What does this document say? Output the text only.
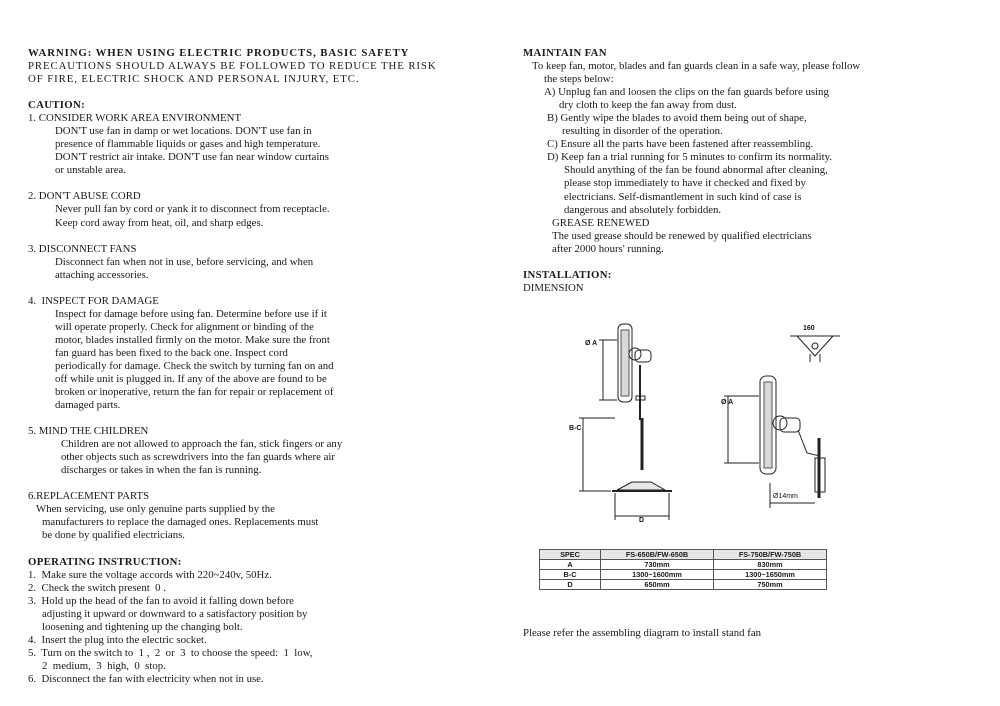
WARNING: WHEN USING ELECTRIC PRODUCTS, BASIC SAFETY
PRECAUTIONS SHOULD ALWAYS BE FOLLOWED TO REDUCE THE RISK
OF FIRE, ELECTRIC SHOCK AND PERSONAL INJURY, ETC.
CAUTION:
1. CONSIDER WORK AREA ENVIRONMENT
DON'T use fan in damp or wet locations. DON'T use fan in
presence of flammable liquids or gases and high temperature.
DON'T restrict air intake. DON'T use fan near window curtains
or unstable area.
2. DON'T ABUSE CORD
Never pull fan by cord or yank it to disconnect from receptacle.
Keep cord away from heat, oil, and sharp edges.
3. DISCONNECT FANS
Disconnect fan when not in use, before servicing, and when
attaching accessories.
4.  INSPECT FOR DAMAGE
Inspect for damage before using fan. Determine before use if it
will operate properly. Check for alignment or binding of the
motor, blades installed firmly on the motor. Make sure the front
fan guard has been fixed to the back one. Inspect cord
periodically for damage. Check the switch by turning fan on and
off while unit is plugged in. If any of the above are found to be
broken or inoperative, return the fan for repair or replacement of
damaged parts.
5. MIND THE CHILDREN
Children are not allowed to approach the fan, stick fingers or any
other objects such as screwdrivers into the fan guards where air
discharges or takes in when the fan is running.
6.REPLACEMENT PARTS
When servicing, use only genuine parts supplied by the
manufacturers to replace the damaged ones. Replacements must
be done by qualified electricians.
OPERATING INSTRUCTION:
1.  Make sure the voltage accords with 220~240v, 50Hz.
2.  Check the switch present  0 .
3.  Hold up the head of the fan to avoid it falling down before
adjusting it upward or downward to a satisfactory position by
loosening and tightening up the changing bolt.
4.  Insert the plug into the electric socket.
5.  Turn on the switch to  1 ,  2  or  3  to choose the speed:  1  low,
2  medium,  3  high,  0  stop.
6.  Disconnect the fan with electricity when not in use.
MAINTAIN FAN
To keep fan, motor, blades and fan guards clean in a safe way, please follow
the steps below:
A) Unplug fan and loosen the clips on the fan guards before using
dry cloth to keep the fan away from dust.
B) Gently wipe the blades to avoid them being out of shape,
resulting in disorder of the operation.
C) Ensure all the parts have been fastened after reassembling.
D) Keep fan a trial running for 5 minutes to confirm its normality.
Should anything of the fan be found abnormal after cleaning,
please stop immediately to have it checked and fixed by
electricians. Self-dismantlement in such kind of case is
dangerous and absolutely forbidden.
GREASE RENEWED
The used grease should be renewed by qualified electricians
after 2000 hours' running.
INSTALLATION:
DIMENSION
Ø A
B-C
D
160
Ø A
Ø14mm
SPEC	FS-650B/FW-650B	FS-750B/FW-750B
A	730mm	830mm
B-C	1300~1600mm	1300~1650mm
D	650mm	750mm
Please refer the assembling diagram to install stand fan
